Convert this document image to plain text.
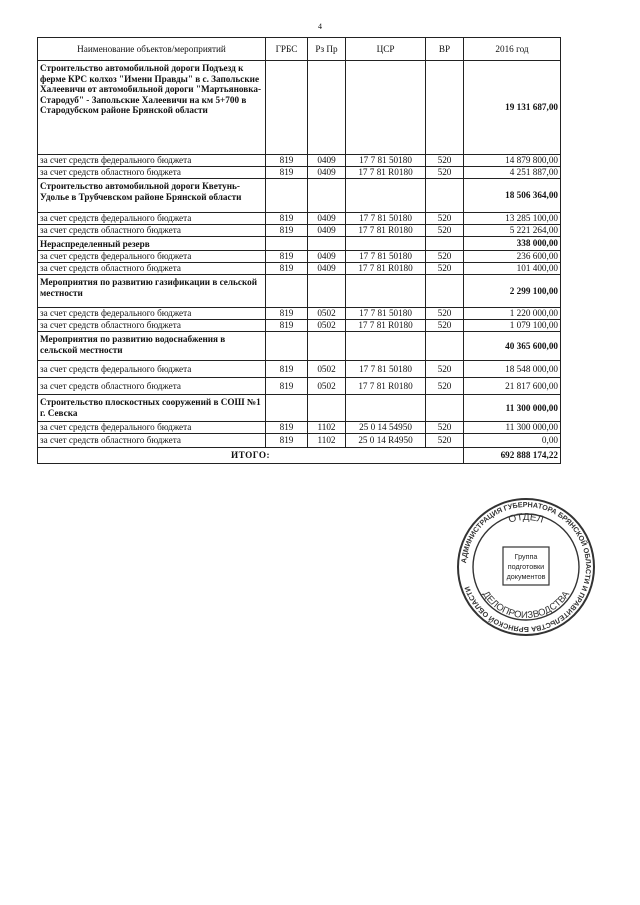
4
Наименование объектов/мероприятий	ГРБС	Рз Пр	ЦСР	ВР	2016 год
Строительство автомобильной дороги Подъезд к ферме КРС колхоз "Имени Правды" в с. Запольские Халеевичи от автомобильной дороги "Мартьяновка- Стародуб" - Запольские Халеевичи на км 5+700 в Стародубском районе Брянской области					19 131 687,00
за счет средств федерального бюджета	819	0409	17 7 81 50180	520	14 879 800,00
за счет средств областного бюджета	819	0409	17 7 81 R0180	520	4 251 887,00
Строительство автомобильной дороги Кветунь-Удолье в Трубчевском районе Брянской области					18 506 364,00
за счет средств федерального бюджета	819	0409	17 7 81 50180	520	13 285 100,00
за счет средств областного бюджета	819	0409	17 7 81 R0180	520	5 221 264,00
Нераспределенный резерв					338 000,00
за счет средств федерального бюджета	819	0409	17 7 81 50180	520	236 600,00
за счет средств областного бюджета	819	0409	17 7 81 R0180	520	101 400,00
Мероприятия по развитию газификации в сельской местности					2 299 100,00
за счет средств федерального бюджета	819	0502	17 7 81 50180	520	1 220 000,00
за счет средств областного бюджета	819	0502	17 7 81 R0180	520	1 079 100,00
Мероприятия по развитию водоснабжения в сельской местности					40 365 600,00
за счет средств федерального бюджета	819	0502	17 7 81 50180	520	18 548 000,00
за счет средств областного бюджета	819	0502	17 7 81 R0180	520	21 817 600,00
Строительство плоскостных сооружений в СОШ №1 г. Севска					11 300 000,00
за счет средств федерального бюджета	819	1102	25 0 14 54950	520	11 300 000,00
за счет средств областного бюджета	819	1102	25 0 14 R4950	520	0,00
ИТОГО:					692 888 174,22
АДМИНИСТРАЦИЯ ГУБЕРНАТОРА БРЯНСКОЙ ОБЛАСТИ И ПРАВИТЕЛЬСТВА БРЯНСКОЙ ОБЛАСТИ
ОТДЕЛ
ДЕЛОПРОИЗВОДСТВА
Группа
подготовки
документов
